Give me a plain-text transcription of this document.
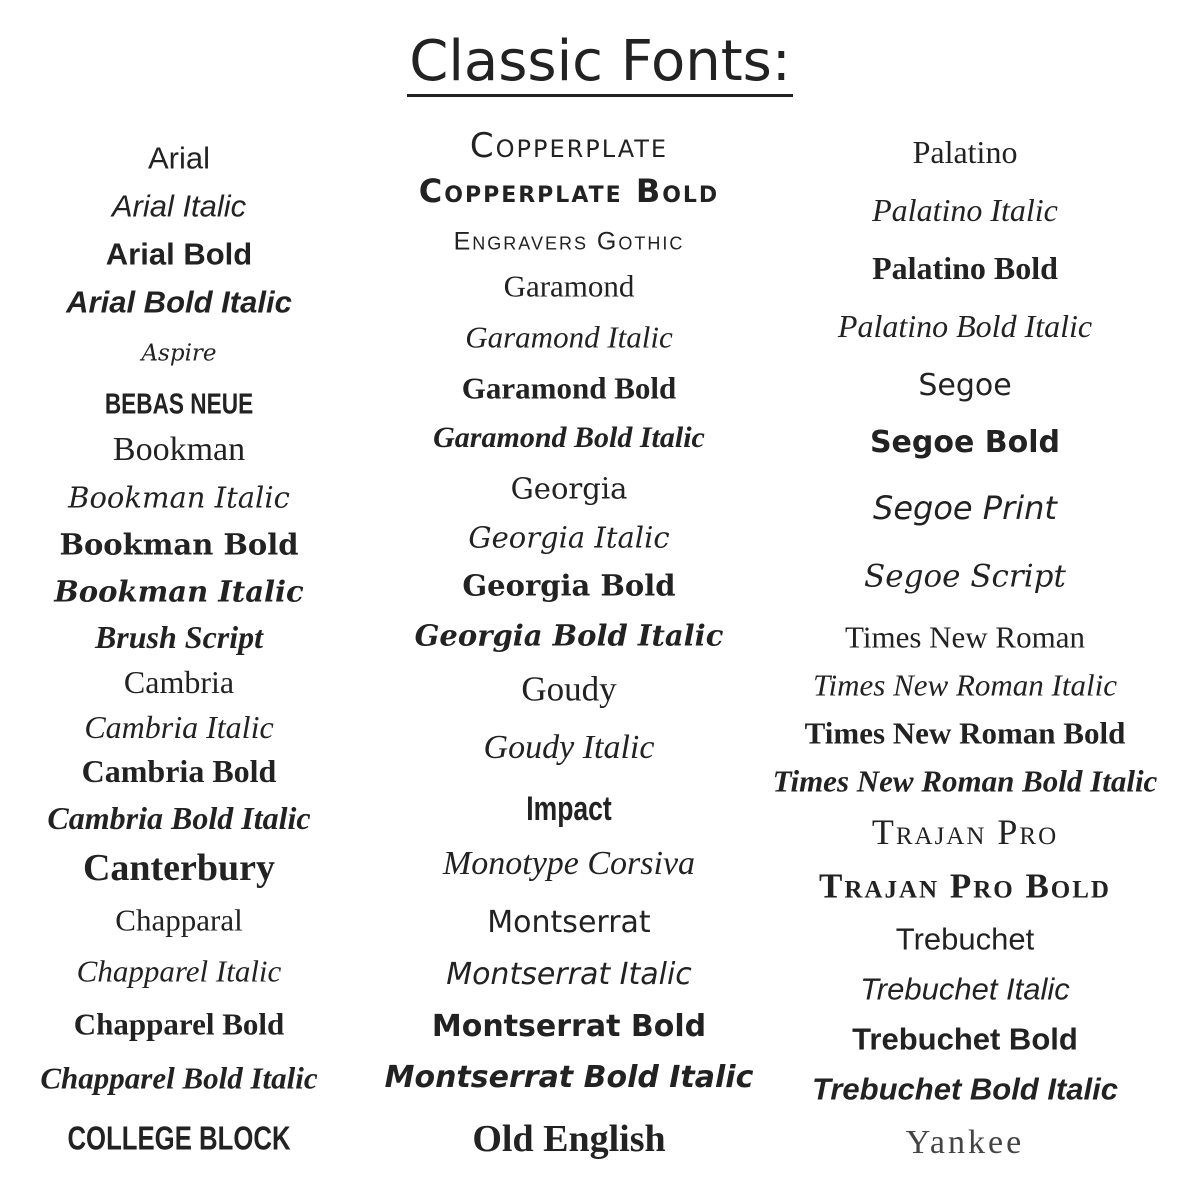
Classic Fonts:
Arial
Arial Italic
Arial Bold
Arial Bold Italic
Aspire
BEBAS NEUE
Bookman
Bookman Italic
Bookman Bold
Bookman Italic
Brush Script
Cambria
Cambria Italic
Cambria Bold
Cambria Bold Italic
Canterbury
Chapparal
Chapparel Italic
Chapparel Bold
Chapparel Bold Italic
COLLEGE BLOCK
Copperplate
Copperplate Bold
Engravers Gothic
Garamond
Garamond Italic
Garamond Bold
Garamond Bold Italic
Georgia
Georgia Italic
Georgia Bold
Georgia Bold Italic
Goudy
Goudy Italic
Impact
Monotype Corsiva
Montserrat
Montserrat Italic
Montserrat Bold
Montserrat Bold Italic
Old English
Palatino
Palatino Italic
Palatino Bold
Palatino Bold Italic
Segoe
Segoe Bold
Segoe Print
Segoe Script
Times New Roman
Times New Roman Italic
Times New Roman Bold
Times New Roman Bold Italic
Trajan Pro
Trajan Pro Bold
Trebuchet
Trebuchet Italic
Trebuchet Bold
Trebuchet Bold Italic
Yankee
